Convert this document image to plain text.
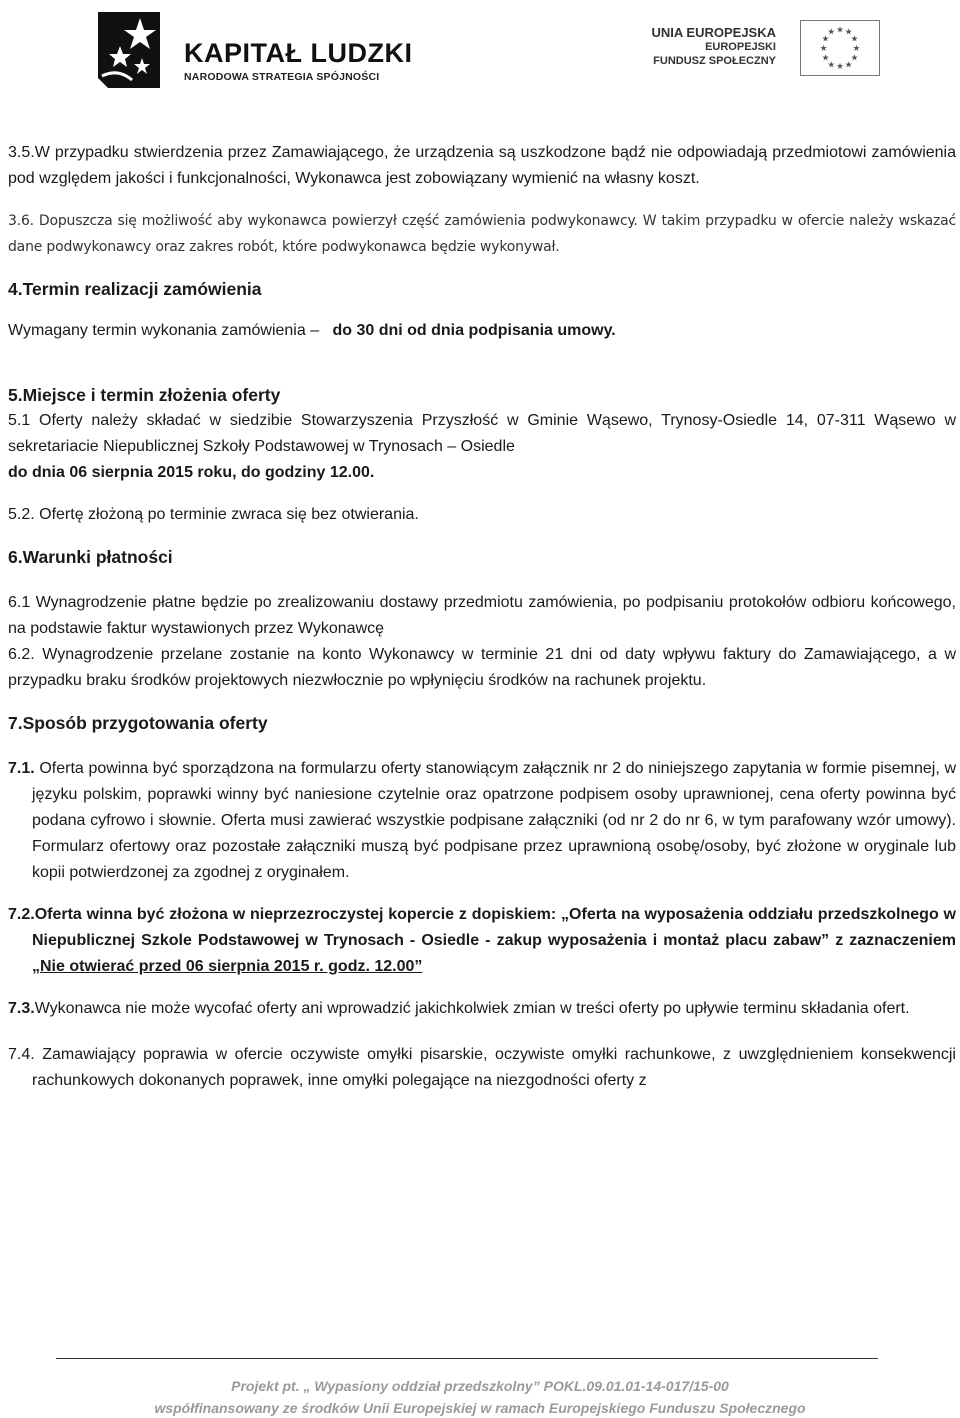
KAPITAŁ LUDZKI
NARODOWA STRATEGIA SPÓJNOŚCI
UNIA EUROPEJSKA
EUROPEJSKI
FUNDUSZ SPOŁECZNY
★ ★
★
★
★
★
★
★
★
★
★
★

3.5.W przypadku stwierdzenia przez Zamawiającego, że urządzenia są uszkodzone bądź nie odpowiadają przedmiotowi zamówienia pod względem jakości i funkcjonalności, Wykonawca jest zobowiązany wymienić na własny koszt.

3.6. Dopuszcza się możliwość aby wykonawca powierzył część zamówienia podwykonawcy. W takim przypadku w ofercie należy wskazać dane podwykonawcy oraz zakres robót, które podwykonawca będzie wykonywał.

4.Termin realizacji zamówienia

Wymagany termin wykonania zamówienia – do 30 dni od dnia podpisania umowy.

5.Miejsce i termin złożenia oferty

5.1 Oferty należy składać w siedzibie Stowarzyszenia Przyszłość w Gminie Wąsewo, Trynosy-Osiedle 14, 07-311 Wąsewo w sekretariacie Niepublicznej Szkoły Podstawowej w Trynosach – Osiedle

do dnia 06 sierpnia 2015 roku, do godziny 12.00.

5.2. Ofertę złożoną po terminie zwraca się bez otwierania.

6.Warunki płatności

6.1 Wynagrodzenie płatne będzie po zrealizowaniu dostawy przedmiotu zamówienia, po podpisaniu protokołów odbioru końcowego, na podstawie faktur wystawionych przez Wykonawcę

6.2. Wynagrodzenie przelane zostanie na konto Wykonawcy w terminie 21 dni od daty wpływu faktury do Zamawiającego, a w przypadku braku środków projektowych niezwłocznie po wpłynięciu środków na rachunek projektu.

7.Sposób przygotowania oferty

7.1. Oferta powinna być sporządzona na formularzu oferty stanowiącym załącznik nr 2 do niniejszego zapytania w formie pisemnej, w języku polskim, poprawki winny być naniesione czytelnie oraz opatrzone podpisem osoby uprawnionej, cena oferty powinna być podana cyfrowo i słownie. Oferta musi zawierać wszystkie podpisane załączniki (od nr 2 do nr 6, w tym parafowany wzór umowy). Formularz ofertowy oraz pozostałe załączniki muszą być podpisane przez uprawnioną osobę/osoby, być złożone w oryginale lub kopii potwierdzonej za zgodnej z oryginałem.

7.2.Oferta winna być złożona w nieprzezroczystej kopercie z dopiskiem: „Oferta na wyposażenia oddziału przedszkolnego w Niepublicznej Szkole Podstawowej w Trynosach - Osiedle - zakup wyposażenia i montaż placu zabaw” z zaznaczeniem „Nie otwierać przed 06 sierpnia 2015 r. godz. 12.00”

7.3.Wykonawca nie może wycofać oferty ani wprowadzić jakichkolwiek zmian w treści oferty po upływie terminu składania ofert.

7.4. Zamawiający poprawia w ofercie oczywiste omyłki pisarskie, oczywiste omyłki rachunkowe, z uwzględnieniem konsekwencji rachunkowych dokonanych poprawek, inne omyłki polegające na niezgodności oferty z

Projekt pt. „ Wypasiony oddział przedszkolny” POKL.09.01.01-14-017/15-00
współfinansowany ze środków Unii Europejskiej w ramach Europejskiego Funduszu Społecznego
